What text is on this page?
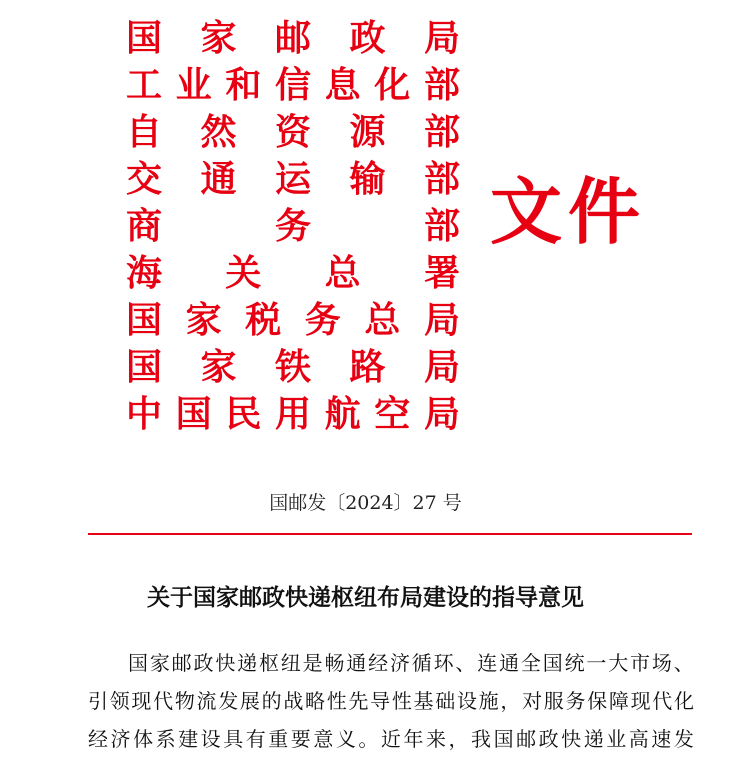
国 家 邮 政 局
工 业 和 信 息 化 部
自 然 资 源 部
交 通 运 输 部
商	务	部
海 关 总 署
国 家 税 务 总 局
国 家 铁 路 局
中 国 民 用 航 空 局
文件
国邮发〔2024〕27 号
关于国家邮政快递枢纽布局建设的指导意见
国 家 邮 政 快 递 枢 纽 是 畅 通 经 济 循 环 、 连 通 全 国 统 一 大 市 场 、
引 领 现 代 物 流 发 展 的 战 略 性 先 导 性 基 础 设 施 ， 对 服 务 保 障 现 代 化
经 济 体 系 建 设 具 有 重 要 意 义 。 近 年 来 ， 我 国 邮 政 快 递 业 高 速 发
